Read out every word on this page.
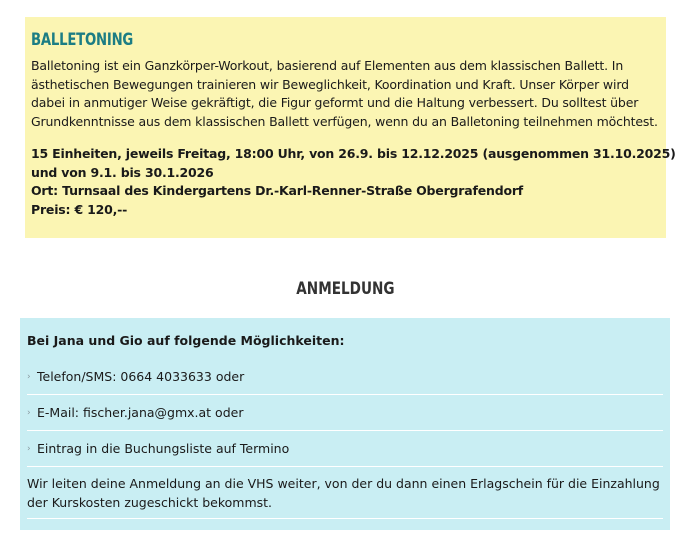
BALLETONING

Balletoning ist ein Ganzkörper-Workout, basierend auf Elementen aus dem klassischen Ballett. In ästhetischen Bewegungen trainieren wir Beweglichkeit, Koordination und Kraft. Unser Körper wird dabei in anmutiger Weise gekräftigt, die Figur geformt und die Haltung verbessert. Du solltest über Grundkenntnisse aus dem klassischen Ballett verfügen, wenn du an Balletoning teilnehmen möchtest.

15 Einheiten, jeweils Freitag, 18:00 Uhr, von 26.9. bis 12.12.2025 (ausgenommen 31.10.2025)
und von 9.1. bis 30.1.2026
Ort: Turnsaal des Kindergartens Dr.-Karl-Renner-Straße Obergrafendorf
Preis: € 120,--
ANMELDUNG
Bei Jana und Gio auf folgende Möglichkeiten:
› Telefon/SMS: 0664 4033633 oder
› E-Mail: fischer.jana@gmx.at oder
› Eintrag in die Buchungsliste auf Termino
Wir leiten deine Anmeldung an die VHS weiter, von der du dann einen Erlagschein für die Einzahlung der Kurskosten zugeschickt bekommst.
